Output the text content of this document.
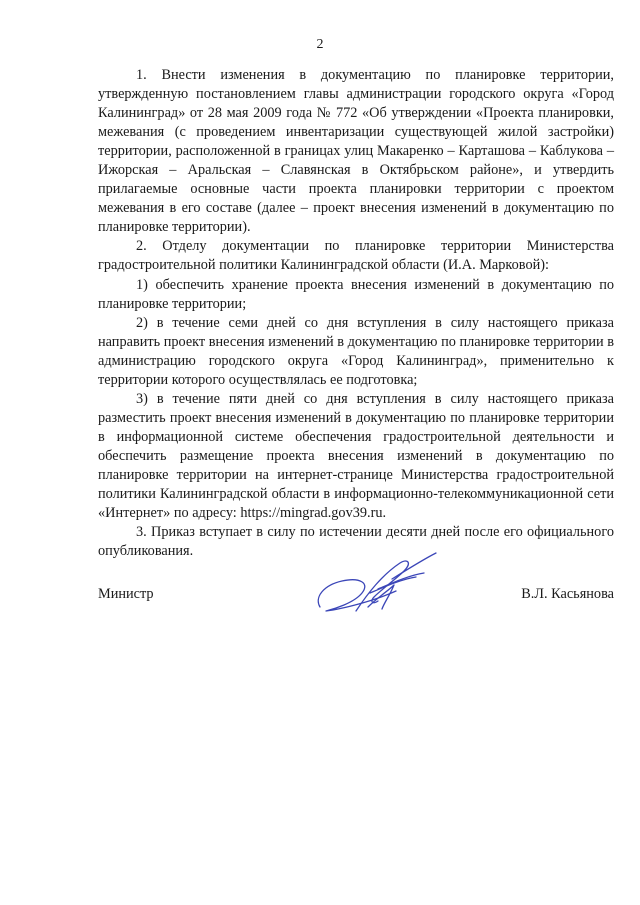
2

1. Внести изменения в документацию по планировке территории, утвержденную постановлением главы администрации городского округа «Город Калининград» от 28 мая 2009 года № 772 «Об утверждении «Проекта планировки, межевания (с проведением инвентаризации существующей жилой застройки) территории, расположенной в границах улиц Макаренко – Карташова – Каблукова – Ижорская – Аральская – Славянская в Октябрьском районе», и утвердить прилагаемые основные части проекта планировки территории с проектом межевания в его составе (далее – проект внесения изменений в документацию по планировке территории).

2. Отделу документации по планировке территории Министерства градостроительной политики Калининградской области (И.А. Марковой):

1) обеспечить хранение проекта внесения изменений в документацию по планировке территории;

2) в течение семи дней со дня вступления в силу настоящего приказа направить проект внесения изменений в документацию по планировке территории в администрацию городского округа «Город Калининград», применительно к территории которого осуществлялась ее подготовка;

3) в течение пяти дней со дня вступления в силу настоящего приказа разместить проект внесения изменений в документацию по планировке территории в информационной системе обеспечения градостроительной деятельности и обеспечить размещение проекта внесения изменений в документацию по планировке территории на интернет-странице Министерства градостроительной политики Калининградской области в информационно-телекоммуникационной сети «Интернет» по адресу: https://mingrad.gov39.ru.

3. Приказ вступает в силу по истечении десяти дней после его официального опубликования.

Министр	В.Л. Касьянова
